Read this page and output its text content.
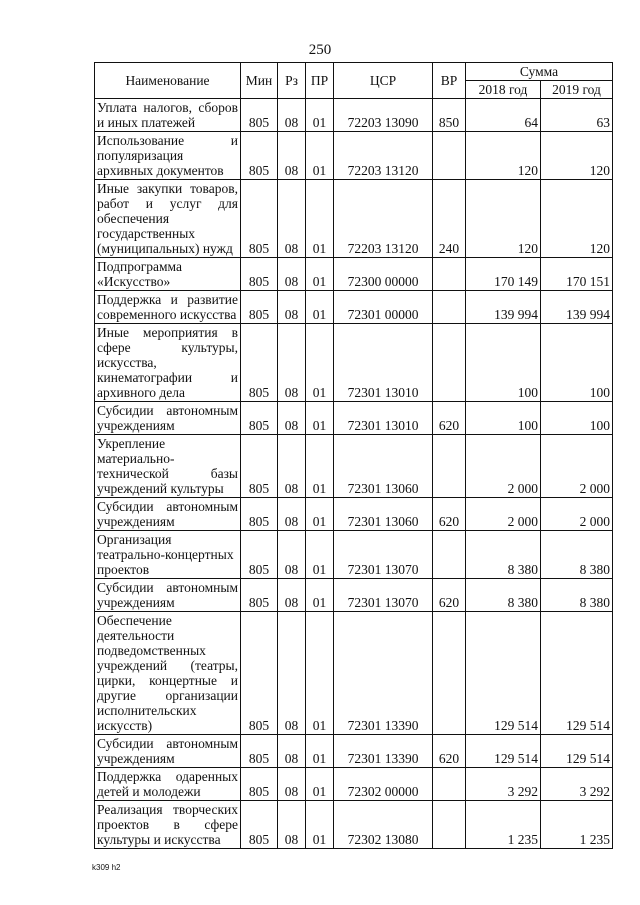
250
Наименование	Мин	Рз	ПР	ЦСР	ВР	Сумма	
						2018 год	2019 год
Уплата налогов, сборов и иных платежей	805	08	01	72203 13090	850	64	63
Использование и популяризация архивных документов	805	08	01	72203 13120		120	120
Иные закупки товаров, работ и услуг для обеспечения государственных (муниципальных) нужд	805	08	01	72203 13120	240	120	120
Подпрограмма «Искусство»	805	08	01	72300 00000		170 149	170 151
Поддержка и развитие современного искусства	805	08	01	72301 00000		139 994	139 994
Иные мероприятия в сфере культуры, искусства, кинематографии и архивного дела	805	08	01	72301 13010		100	100
Субсидии автономным учреждениям	805	08	01	72301 13010	620	100	100
Укрепление материально-технической базы учреждений культуры	805	08	01	72301 13060		2 000	2 000
Субсидии автономным учреждениям	805	08	01	72301 13060	620	2 000	2 000
Организация театрально-концертных проектов	805	08	01	72301 13070		8 380	8 380
Субсидии автономным учреждениям	805	08	01	72301 13070	620	8 380	8 380
Обеспечение деятельности подведомственных учреждений (театры, цирки, концертные и другие организации исполнительских искусств)	805	08	01	72301 13390		129 514	129 514
Субсидии автономным учреждениям	805	08	01	72301 13390	620	129 514	129 514
Поддержка одаренных детей и молодежи	805	08	01	72302 00000		3 292	3 292
Реализация творческих проектов в сфере культуры и искусства	805	08	01	72302 13080		1 235	1 235
k309 h2
